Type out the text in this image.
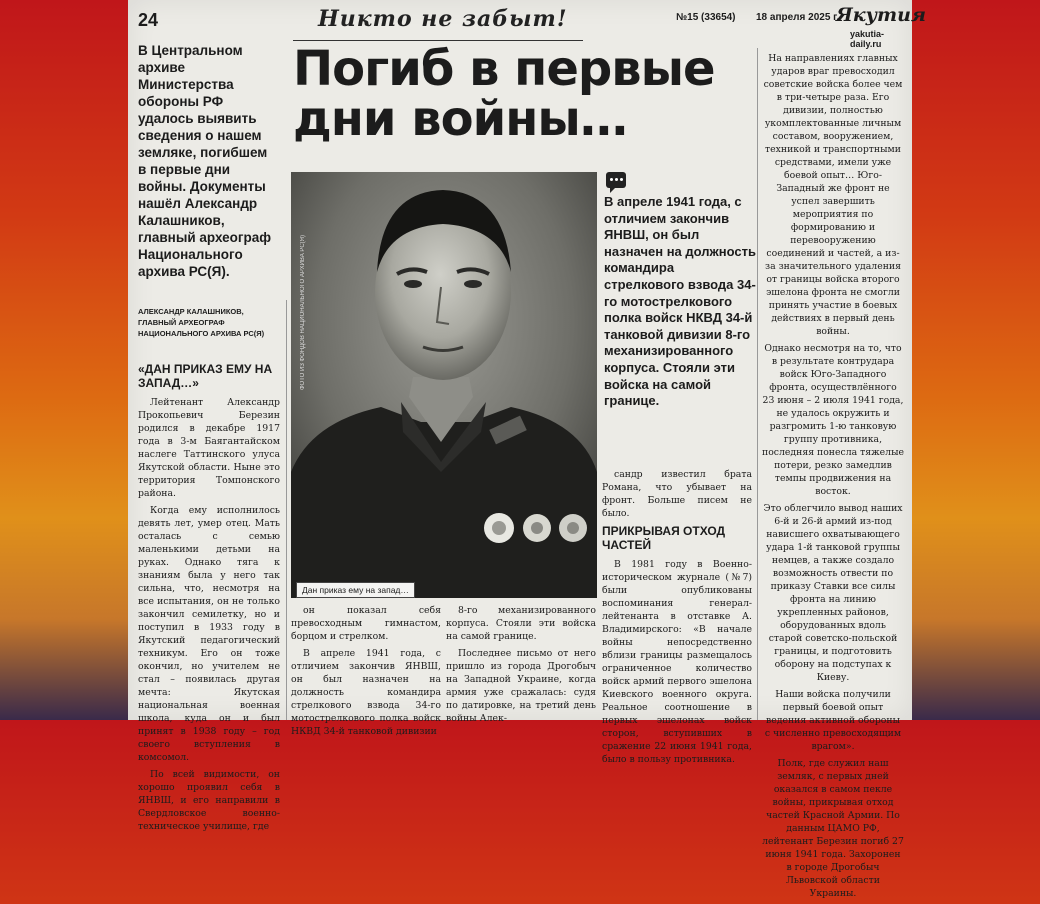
24	Никто не забыт!	№15 (33654) 18 апреля 2025 г.
Якутия
yakutia-daily.ru
Погиб в первые дни войны…
В Центральном архиве Министерства обороны РФ удалось выявить сведения о нашем земляке, погибшем в первые дни войны. Документы нашёл Александр Калашников, главный археограф Национального архива РС(Я).
АЛЕКСАНДР КАЛАШНИКОВ, ГЛАВНЫЙ АРХЕОГРАФ НАЦИОНАЛЬНОГО АРХИВА РС(Я)
«ДАН ПРИКАЗ ЕМУ НА ЗАПАД…»

Лейтенант Александр Прокопьевич Березин родился в декабре 1917 года в 3-м Баягантайском наслеге Таттинского улуса Якутской области. Ныне это территория Томпонского района.

Когда ему исполнилось девять лет, умер отец. Мать осталась с семью маленькими детьми на руках. Однако тяга к знаниям была у него так сильна, что, несмотря на все испытания, он не только закончил семилетку, но и поступил в 1933 году в Якутский педагогический техникум. Его он тоже окончил, но учителем не стал – появилась другая мечта: Якутская национальная военная школа, куда он и был принят в 1938 году – год своего вступления в комсомол.

По всей видимости, он хорошо проявил себя в ЯНВШ, и его направили в Свердловское военно-техническое училище, где

ФОТО ИЗ ФОНДОВ НАЦИОНАЛЬНОГО АРХИВА РС(Я)
Дан приказ ему на запад…

он показал себя превосходным гимнастом, борцом и стрелком.

В апреле 1941 года, с отличием закончив ЯНВШ, он был назначен на должность командира стрелкового взвода 34-го мотострелкового полка войск НКВД 34-й танковой дивизии

8-го механизированного корпуса. Стояли эти войска на самой границе.

Последнее письмо от него пришло из города Дрогобыч на Западной Украине, когда армия уже сражалась: судя по датировке, на третий день войны Алек-

В апреле 1941 года, с отличием закончив ЯНВШ, он был назначен на должность командира стрелкового взвода 34-го мотострелкового полка войск НКВД 34-й танковой дивизии 8-го механизированного корпуса. Стояли эти войска на самой границе.

сандр известил брата Романа, что убывает на фронт. Больше писем не было.

ПРИКРЫВАЯ ОТХОД ЧАСТЕЙ

В 1981 году в Военно-историческом журнале (№7) были опубликованы воспоминания генерал-лейтенанта в отставке А. Владимирского: «В начале войны непосредственно вблизи границы размещалось ограниченное количество войск армий первого эшелона Киевского военного округа. Реальное соотношение в первых эшелонах войск сторон, вступивших в сражение 22 июня 1941 года, было в пользу противника.

На направлениях главных ударов враг превосходил советские войска более чем в три-четыре раза. Его дивизии, полностью укомплектованные личным составом, вооружением, техникой и транспортными средствами, имели уже боевой опыт… Юго-Западный же фронт не успел завершить мероприятия по формированию и перевооружению соединений и частей, а из-за значительного удаления от границы войска второго эшелона фронта не смогли принять участие в боевых действиях в первый день войны.

Однако несмотря на то, что в результате контрудара войск Юго-Западного фронта, осуществлённого 23 июня – 2 июля 1941 года, не удалось окружить и разгромить 1-ю танковую группу противника, последняя понесла тяжелые потери, резко замедлив темпы продвижения на восток.

Это облегчило вывод наших 6-й и 26-й армий из-под нависшего охватывающего удара 1-й танковой группы немцев, а также создало возможность отвести по приказу Ставки все силы фронта на линию укрепленных районов, оборудованных вдоль старой советско-польской границы, и подготовить оборону на подступах к Киеву.

Наши войска получили первый боевой опыт ведения активной обороны с численно превосходящим врагом».

Полк, где служил наш земляк, с первых дней оказался в самом пекле войны, прикрывая отход частей Красной Армии. По данным ЦАМО РФ, лейтенант Березин погиб 27 июня 1941 года. Захоронен в городе Дрогобыч Львовской области Украины.
